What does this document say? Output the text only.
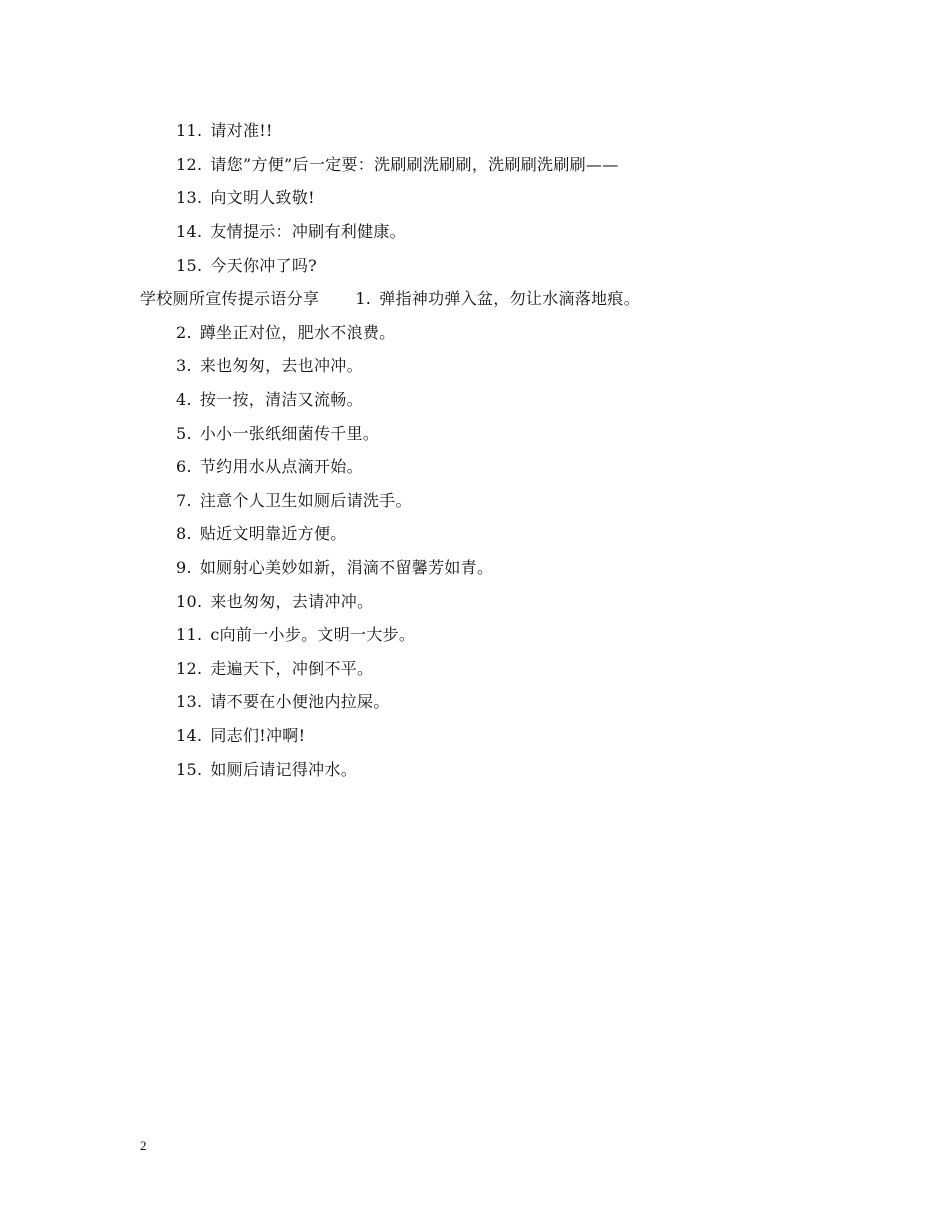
11. 请对准!!
12. 请您”方便”后一定要：洗刷刷洗刷刷，洗刷刷洗刷刷——
13. 向文明人致敬!
14. 友情提示：冲刷有利健康。
15. 今天你冲了吗?
学校厕所宣传提示语分享 1. 弹指神功弹入盆，勿让水滴落地痕。
2. 蹲坐正对位，肥水不浪费。
3. 来也匆匆，去也冲冲。
4. 按一按，清洁又流畅。
5. 小小一张纸细菌传千里。
6. 节约用水从点滴开始。
7. 注意个人卫生如厕后请洗手。
8. 贴近文明靠近方便。
9. 如厕射心美妙如新，涓滴不留馨芳如青。
10. 来也匆匆，去请冲冲。
11. c向前一小步。文明一大步。
12. 走遍天下，冲倒不平。
13. 请不要在小便池内拉屎。
14. 同志们!冲啊!
15. 如厕后请记得冲水。
2
